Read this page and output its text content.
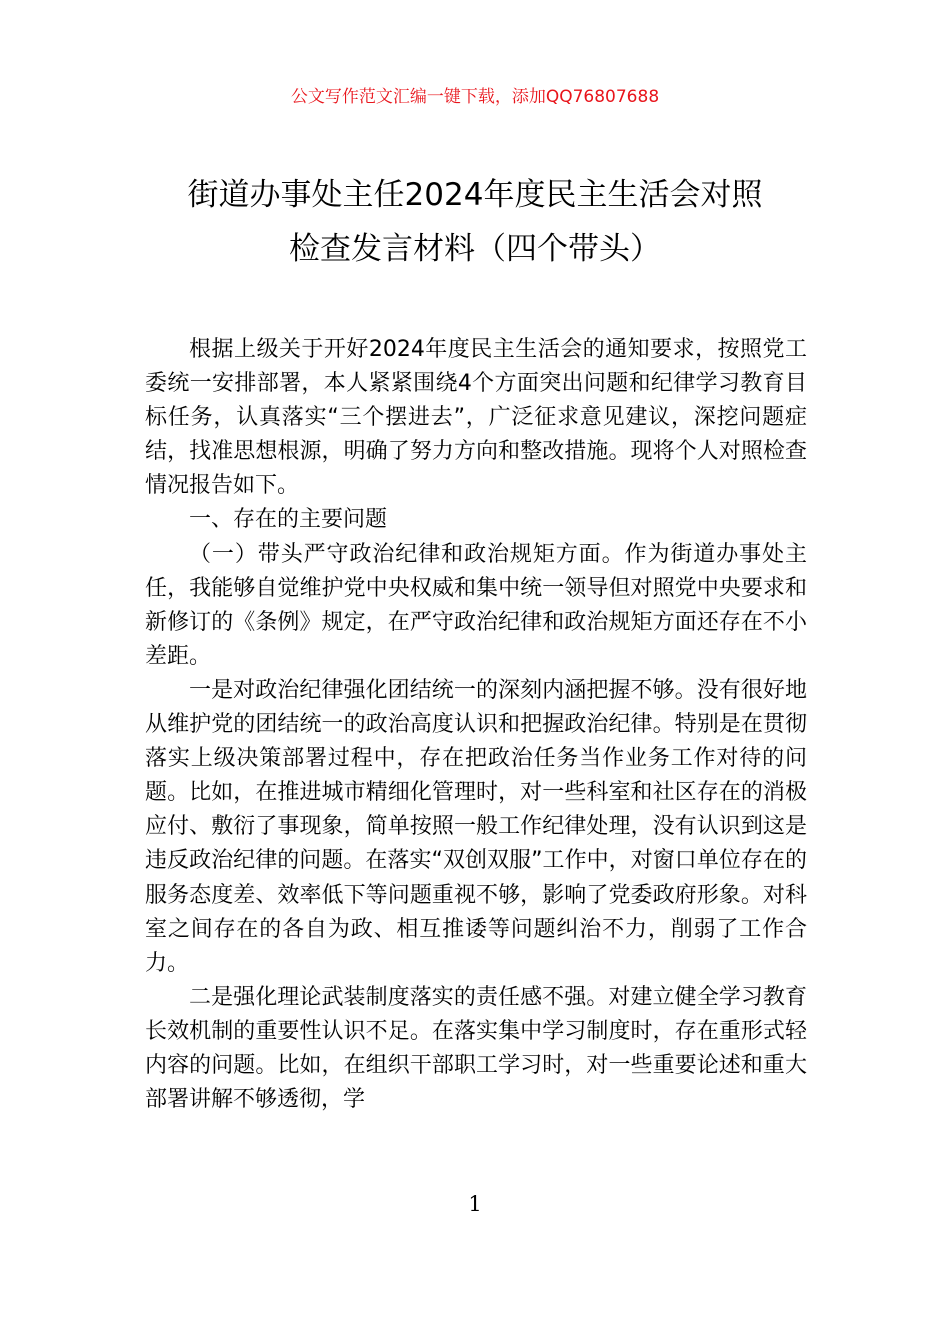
公文写作范文汇编一键下载，添加QQ76807688
街道办事处主任2024年度民主生活会对照
检查发言材料（四个带头）

根据上级关于开好2024年度民主生活会的通知要求，按照党工委统一安排部署，本人紧紧围绕4个方面突出问题和纪律学习教育目标任务，认真落实“三个摆进去”，广泛征求意见建议，深挖问题症结，找准思想根源，明确了努力方向和整改措施。现将个人对照检查情况报告如下。

一、存在的主要问题

（一）带头严守政治纪律和政治规矩方面。作为街道办事处主任，我能够自觉维护党中央权威和集中统一领导但对照党中央要求和新修订的《条例》规定，在严守政治纪律和政治规矩方面还存在不小差距。

一是对政治纪律强化团结统一的深刻内涵把握不够。没有很好地从维护党的团结统一的政治高度认识和把握政治纪律。特别是在贯彻落实上级决策部署过程中，存在把政治任务当作业务工作对待的问题。比如，在推进城市精细化管理时，对一些科室和社区存在的消极应付、敷衍了事现象，简单按照一般工作纪律处理，没有认识到这是违反政治纪律的问题。在落实“双创双服”工作中，对窗口单位存在的服务态度差、效率低下等问题重视不够，影响了党委政府形象。对科室之间存在的各自为政、相互推诿等问题纠治不力，削弱了工作合力。

二是强化理论武装制度落实的责任感不强。对建立健全学习教育长效机制的重要性认识不足。在落实集中学习制度时，存在重形式轻内容的问题。比如，在组织干部职工学习时，对一些重要论述和重大部署讲解不够透彻，学

1
